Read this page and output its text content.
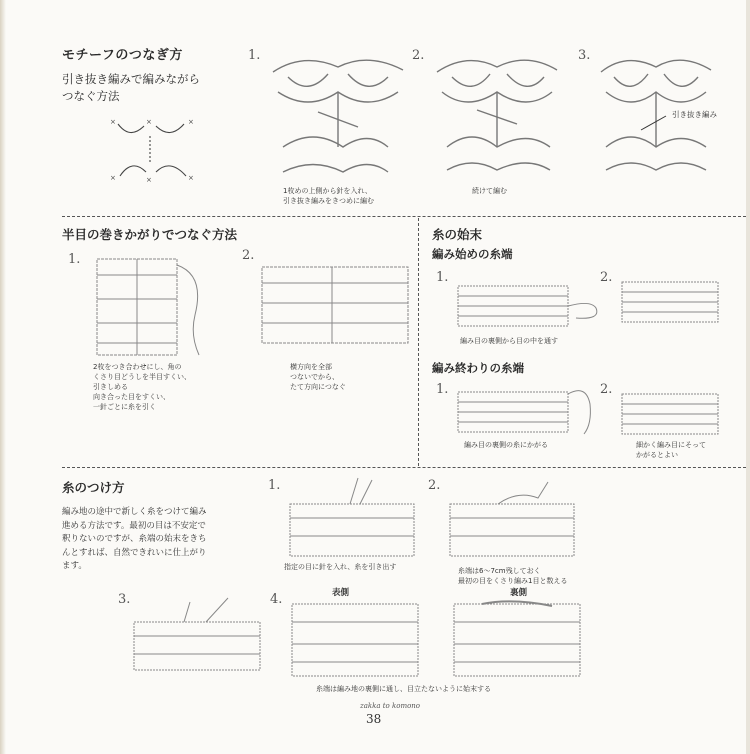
モチーフのつなぎ方
引き抜き編みで編みながら
つなぐ方法
×	×
×	×
×
×
1.
1枚めの上側から針を入れ、
引き抜き編みをきつめに編む
2.
続けて編む
3.
引き抜き編み
半目の巻きかがりでつなぐ方法
1.
2枚をつき合わせにし、角の
くさり目どうしを半目すくい、
引きしめる
向き合った目をすくい、
一針ごとに糸を引く
2.
横方向を全部
つないでから、
たて方向につなぐ
糸の始末
編み始めの糸端
1.
編み目の裏側から目の中を通す
2.
編み終わりの糸端
1.
編み目の裏側の糸にかがる
2.
細かく編み目にそって
かがるとよい
糸のつけ方
編み地の途中で新しく糸をつけて編み
進める方法です。最初の目は不安定で
釈りないのですが、糸端の始末をきち
んとすれば、自然できれいに仕上がり
ます。
1.
指定の目に針を入れ、糸を引き出す
2.
糸端は6〜7cm残しておく
最初の目をくさり編み1目と数える
3.	4.	表側	裏側
糸端は編み地の裏側に通し、目立たないように始末する
zakka to komono
38
